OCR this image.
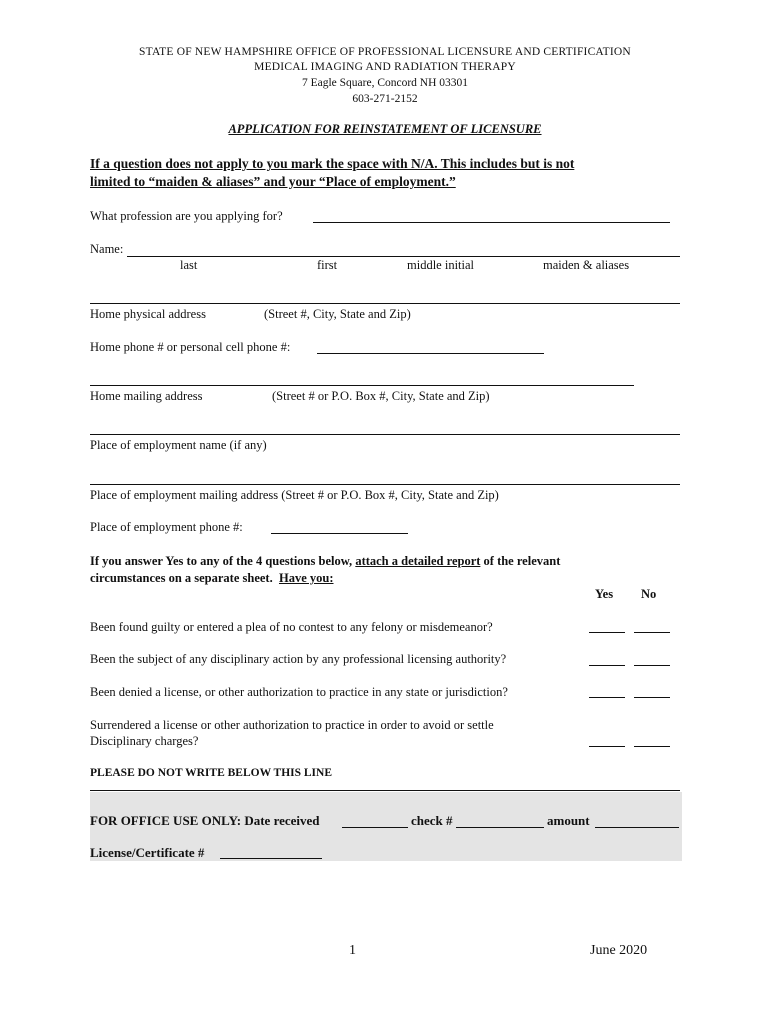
STATE OF NEW HAMPSHIRE OFFICE OF PROFESSIONAL LICENSURE AND CERTIFICATION
MEDICAL IMAGING AND RADIATION THERAPY
7 Eagle Square, Concord NH 03301
603-271-2152
APPLICATION FOR REINSTATEMENT OF LICENSURE
If a question does not apply to you mark the space with N/A. This includes but is not
limited to “maiden & aliases” and your “Place of employment.”
What profession are you applying for?
Name:
last	first	middle initial	maiden & aliases
Home physical address	(Street #, City, State and Zip)
Home phone # or personal cell phone #:
Home mailing address	(Street # or P.O. Box #, City, State and Zip)
Place of employment name (if any)
Place of employment mailing address (Street # or P.O. Box #, City, State and Zip)
Place of employment phone #:
If you answer Yes to any of the 4 questions below, attach a detailed report of the relevant
circumstances on a separate sheet.  Have you:
Yes No
Been found guilty or entered a plea of no contest to any felony or misdemeanor?
Been the subject of any disciplinary action by any professional licensing authority?
Been denied a license, or other authorization to practice in any state or jurisdiction?
Surrendered a license or other authorization to practice in order to avoid or settle
Disciplinary charges?
PLEASE DO NOT WRITE BELOW THIS LINE
FOR OFFICE USE ONLY: Date received	check #	amount
License/Certificate #
1	June 2020
